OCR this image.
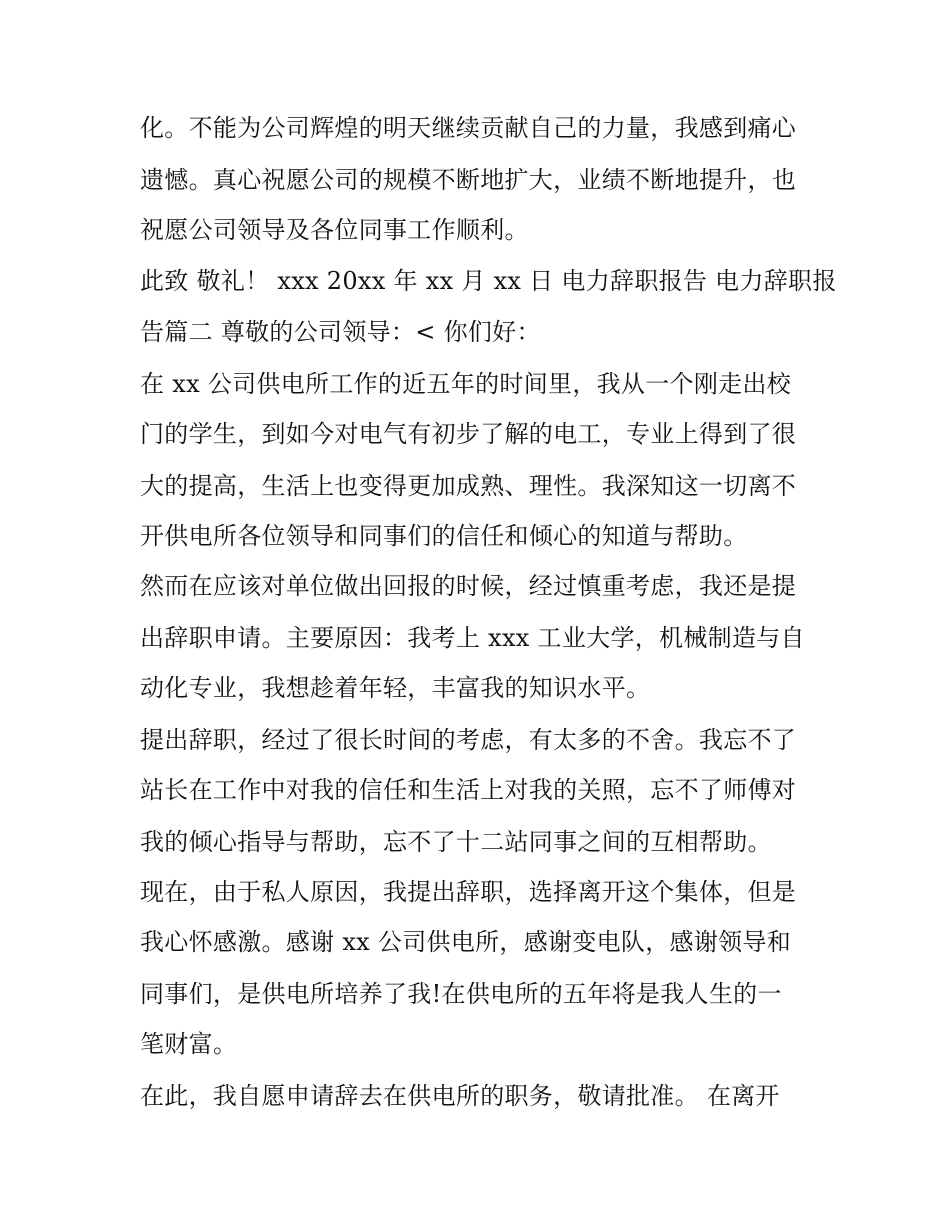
化。不能为公司辉煌的明天继续贡献自己的力量，我感到痛心
遗憾。真心祝愿公司的规模不断地扩大，业绩不断地提升，也
祝愿公司领导及各位同事工作顺利。
此致 敬礼！ xxx 20xx 年 xx 月 xx 日 电力辞职报告 电力辞职报
告篇二 尊敬的公司领导：< 你们好：
在 xx 公司供电所工作的近五年的时间里，我从一个刚走出校
门的学生，到如今对电气有初步了解的电工，专业上得到了很
大的提高，生活上也变得更加成熟、理性。我深知这一切离不
开供电所各位领导和同事们的信任和倾心的知道与帮助。
然而在应该对单位做出回报的时候，经过慎重考虑，我还是提
出辞职申请。主要原因：我考上 xxx 工业大学，机械制造与自
动化专业，我想趁着年轻，丰富我的知识水平。
提出辞职，经过了很长时间的考虑，有太多的不舍。我忘不了
站长在工作中对我的信任和生活上对我的关照，忘不了师傅对
我的倾心指导与帮助，忘不了十二站同事之间的互相帮助。
现在，由于私人原因，我提出辞职，选择离开这个集体，但是
我心怀感激。感谢 xx 公司供电所，感谢变电队，感谢领导和
同事们，是供电所培养了我!在供电所的五年将是我人生的一
笔财富。
在此，我自愿申请辞去在供电所的职务，敬请批准。 在离开
